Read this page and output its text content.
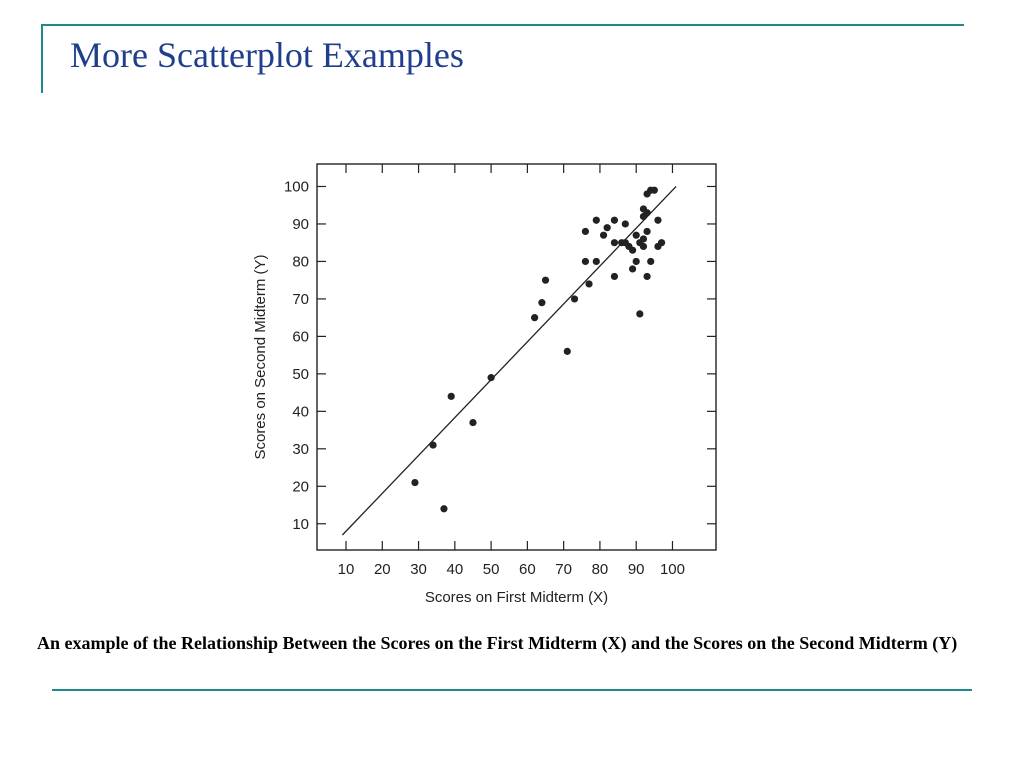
More Scatterplot Examples
10 20 30 40 50 60 70 80 90 100
10
20
30
40
50
60
70
80
90
100
Scores on First Midterm (X)
Scores on Second Midterm (Y)
An example of the Relationship Between the Scores on the First Midterm (X) and the Scores on the Second Midterm (Y)
